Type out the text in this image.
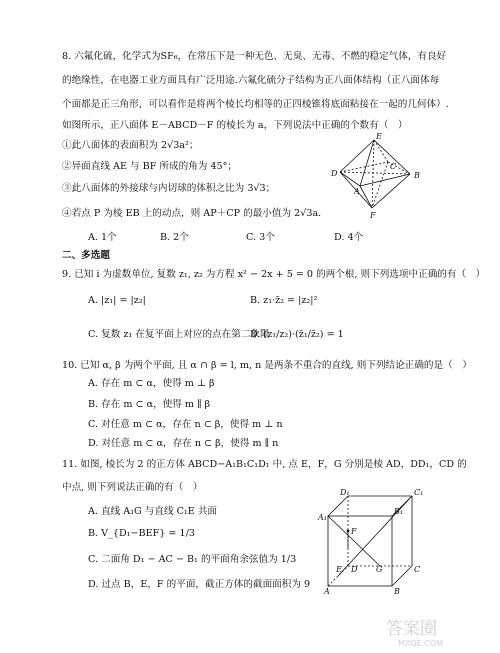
8. 六氟化硫，化学式为SF₆，在常压下是一种无色、无臭、无毒、不燃的稳定气体，有良好
的绝缘性，在电器工业方面具有广泛用途.六氟化硫分子结构为正八面体结构（正八面体每
个面都是正三角形，可以看作是将两个棱长均相等的正四棱锥将底面粘接在一起的几何体）.
如图所示，正八面体 E－ABCD－F 的棱长为 a，下列说法中正确的个数有（　）
①此八面体的表面积为 2√3a²；
②异面直线 AE 与 BF 所成的角为 45°；
③此八面体的外接球与内切球的体积之比为 3√3；
④若点 P 为棱 EB 上的动点，则 AP＋CP 的最小值为 2√3a．
A. 1个	B. 2个	C. 3个	D. 4个
E
D
C
A
B
F
二、多选题
9. 已知 i 为虚数单位, 复数 z₁, z₂ 为方程 x² − 2x + 5 = 0 的两个根, 则下列选项中正确的有（　）
A. |z₁| = |z₂|	B. z₁·z̄₂ = |z₂|²
C. 复数 z₁ 在复平面上对应的点在第二象限
D. (z₁/z₂)·(z̄₁/z̄₂) = 1
10. 已知 α, β 为两个平面, 且 α ∩ β = l, m, n 是两条不重合的直线, 则下列结论正确的是（　）
A. 存在 m ⊂ α，使得 m ⊥ β
B. 存在 m ⊂ α，使得 m ∥ β
C. 对任意 m ⊂ α，存在 n ⊂ β，使得 m ⊥ n
D. 对任意 m ⊂ α，存在 n ⊂ β，使得 m ∥ n
11. 如图, 棱长为 2 的正方体 ABCD−A₁B₁C₁D₁ 中, 点 E，F，G 分别是棱 AD，DD₁，CD 的
中点, 则下列说法正确的有（　）
A. 直线 A₁G 与直线 C₁E 共面
B. V_{D₁−BEF} = 1/3
C. 二面角 D₁ − AC − B₁ 的平面角余弦值为 1/3
D. 过点 B，E，F 的平面，截正方体的截面面积为 9
D₁	C₁
A₁
B₁
F
D G	C
E
A	B
答案圈
MXQE.COM
